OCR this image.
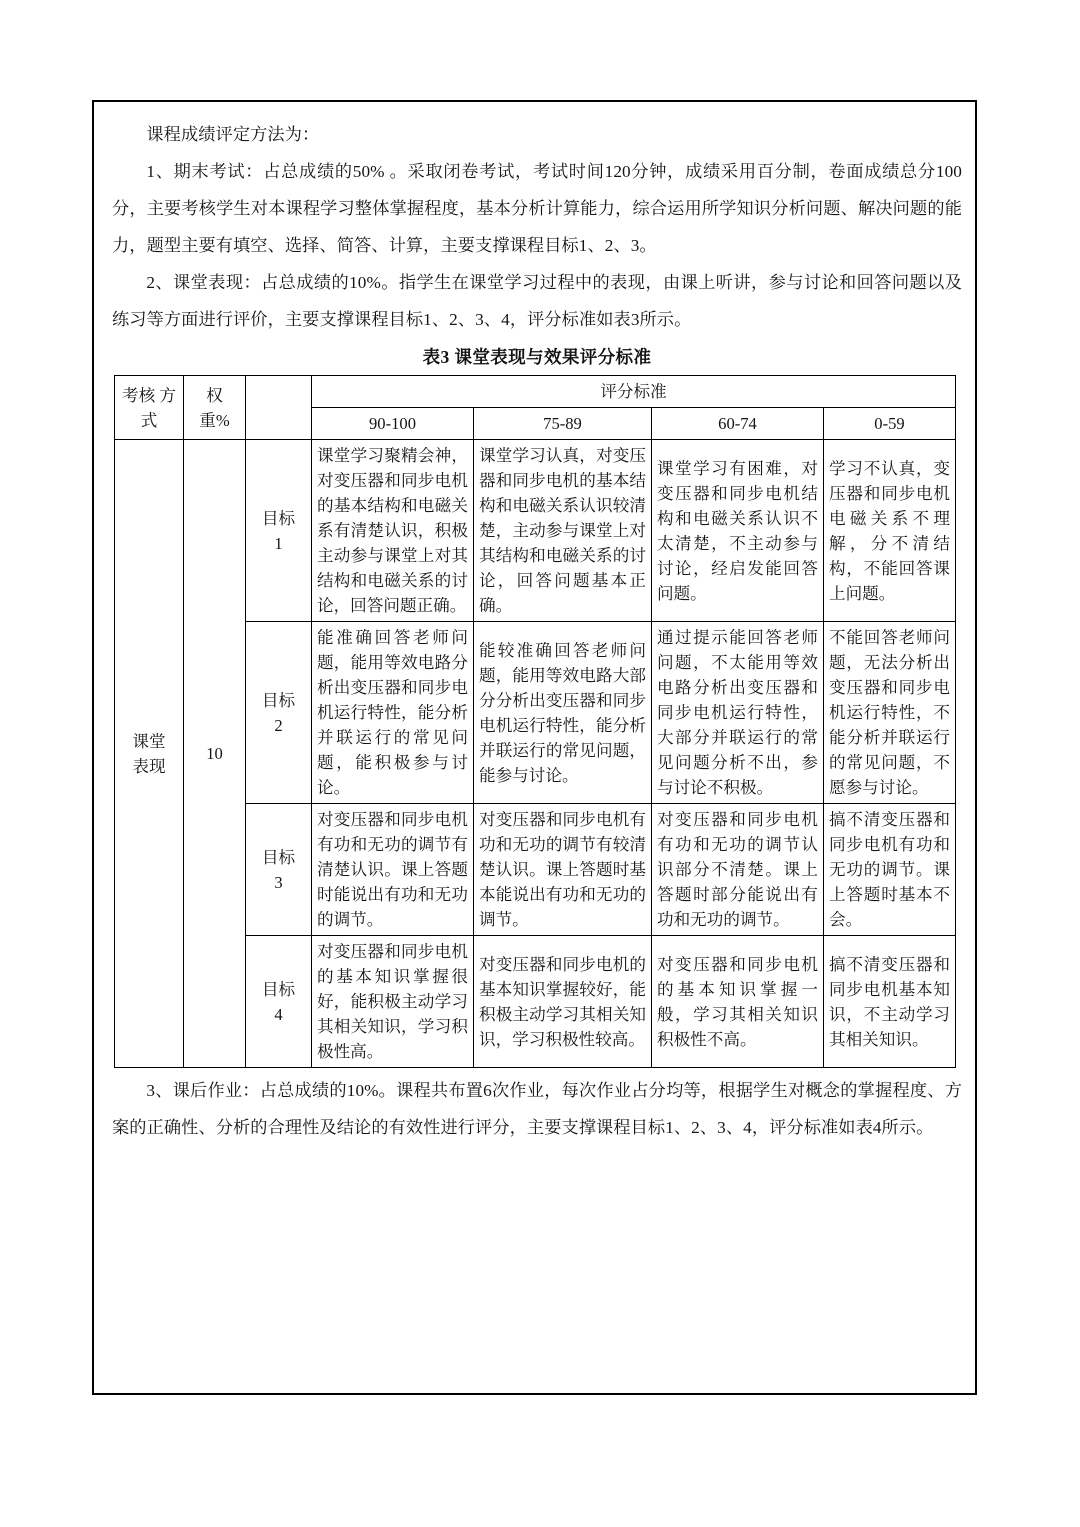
课程成绩评定方法为：

1、期末考试：占总成绩的50% 。采取闭卷考试，考试时间120分钟，成绩采用百分制，卷面成绩总分100分，主要考核学生对本课程学习整体掌握程度，基本分析计算能力，综合运用所学知识分析问题、解决问题的能力，题型主要有填空、选择、简答、计算，主要支撑课程目标1、2、3。

2、课堂表现：占总成绩的10%。指学生在课堂学习过程中的表现，由课上听讲，参与讨论和回答问题以及练习等方面进行评价，主要支撑课程目标1、2、3、4，评分标准如表3所示。

表3 课堂表现与效果评分标准
考核 方式	权 重%		评分标准			
			90-100	75-89	60-74	0-59

课堂
表现	10	目标
1	课堂学习聚精会神，对变压器和同步电机的基本结构和电磁关系有清楚认识，积极主动参与课堂上对其结构和电磁关系的讨论，回答问题正确。	课堂学习认真，对变压器和同步电机的基本结构和电磁关系认识较清楚，主动参与课堂上对其结构和电磁关系的讨论，回答问题基本正确。	课堂学习有困难，对变压器和同步电机结构和电磁关系认识不太清楚，不主动参与讨论，经启发能回答问题。	学习不认真，变压器和同步电机电磁关系不理解，分不清结构，不能回答课上问题。

		目标
2	能准确回答老师问题，能用等效电路分析出变压器和同步电机运行特性，能分析并联运行的常见问题，能积极参与讨论。	能较准确回答老师问题，能用等效电路大部分分析出变压器和同步电机运行特性，能分析并联运行的常见问题，能参与讨论。	通过提示能回答老师问题，不太能用等效电路分析出变压器和同步电机运行特性，大部分并联运行的常见问题分析不出，参与讨论不积极。	不能回答老师问题，无法分析出变压器和同步电机运行特性，不能分析并联运行的常见问题，不愿参与讨论。

		目标
3	对变压器和同步电机有功和无功的调节有清楚认识。课上答题时能说出有功和无功的调节。	对变压器和同步电机有功和无功的调节有较清楚认识。课上答题时基本能说出有功和无功的调节。	对变压器和同步电机有功和无功的调节认识部分不清楚。课上答题时部分能说出有功和无功的调节。	搞不清变压器和同步电机有功和无功的调节。课上答题时基本不会。

		目标
4	对变压器和同步电机的基本知识掌握很好，能积极主动学习其相关知识，学习积极性高。	对变压器和同步电机的基本知识掌握较好，能积极主动学习其相关知识，学习积极性较高。	对变压器和同步电机的基本知识掌握一般，学习其相关知识积极性不高。	搞不清变压器和同步电机基本知识，不主动学习其相关知识。

3、课后作业：占总成绩的10%。课程共布置6次作业，每次作业占分均等，根据学生对概念的掌握程度、方案的正确性、分析的合理性及结论的有效性进行评分，主要支撑课程目标1、2、3、4，评分标准如表4所示。
